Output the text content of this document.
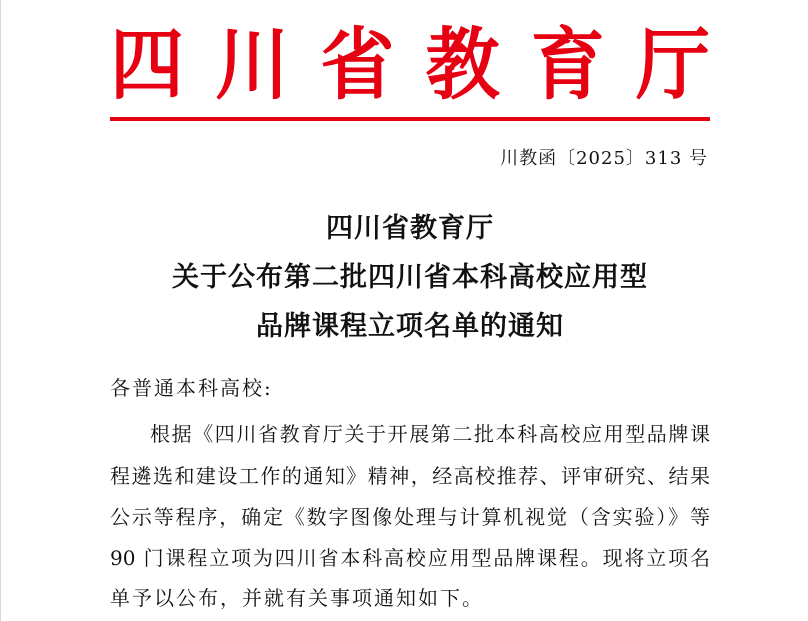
四 川 省 教 育 厅
川教函〔2025〕313 号
四川省教育厅
关于公布第二批四川省本科高校应用型
品牌课程立项名单的通知
各普通本科高校:
根据《四川省教育厅关于开展第二批本科高校应用型品牌课
程遴选和建设工作的通知》精神，经高校推荐、评审研究、结果
公示等程序，确定《数字图像处理与计算机视觉（含实验）》等
90 门课程立项为四川省本科高校应用型品牌课程。现将立项名
单予以公布，并就有关事项通知如下。
